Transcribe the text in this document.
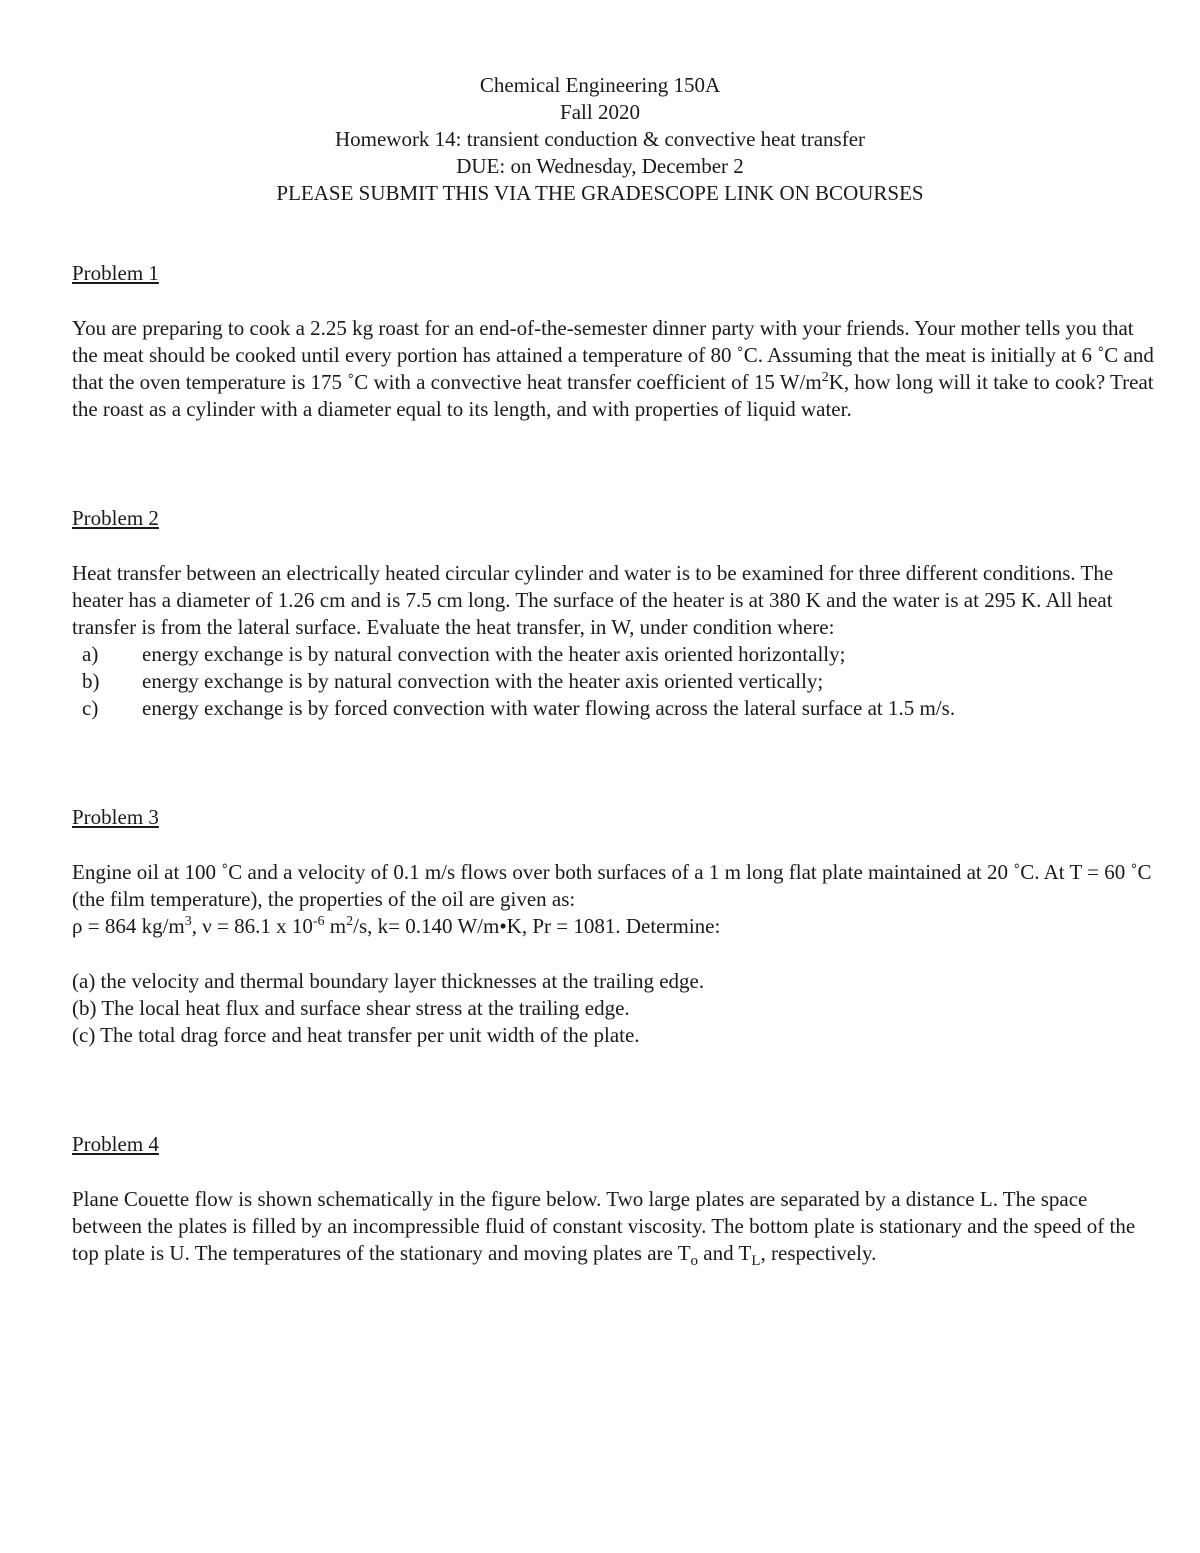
Chemical Engineering 150A
Fall 2020
Homework 14: transient conduction & convective heat transfer
DUE: on Wednesday, December 2
PLEASE SUBMIT THIS VIA THE GRADESCOPE LINK ON BCOURSES

Problem 1

You are preparing to cook a 2.25 kg roast for an end-of-the-semester dinner party with your friends. Your mother tells you that the meat should be cooked until every portion has attained a temperature of 80 ˚C. Assuming that the meat is initially at 6 ˚C and that the oven temperature is 175 ˚C with a convective heat transfer coefficient of 15 $W/m^2K$, how long will it take to cook? Treat the roast as a cylinder with a diameter equal to its length, and with properties of liquid water.

Problem 2

Heat transfer between an electrically heated circular cylinder and water is to be examined for three different conditions. The heater has a diameter of 1.26 cm and is 7.5 cm long. The surface of the heater is at 380 K and the water is at 295 K. All heat transfer is from the lateral surface. Evaluate the heat transfer, in W, under condition where:

a) energy exchange is by natural convection with the heater axis oriented horizontally;
b) energy exchange is by natural convection with the heater axis oriented vertically;
c) energy exchange is by forced convection with water flowing across the lateral surface at 1.5 m/s.

Problem 3

Engine oil at 100 ˚C and a velocity of 0.1 m/s flows over both surfaces of a 1 m long flat plate maintained at 20 ˚C. At T = 60 ˚C (the film temperature), the properties of the oil are given as:

ρ = 864 $kg/m^3$, ν = 86.1 x $10^{-6}$ $m^2/s$, k= 0.140 W/m•K, Pr = 1081. Determine:

(a) the velocity and thermal boundary layer thicknesses at the trailing edge.

(b) The local heat flux and surface shear stress at the trailing edge.

(c) The total drag force and heat transfer per unit width of the plate.

Problem 4

Plane Couette flow is shown schematically in the figure below. Two large plates are separated by a distance L. The space between the plates is filled by an incompressible fluid of constant viscosity. The bottom plate is stationary and the speed of the top plate is U. The temperatures of the stationary and moving plates are $T_o$ and $T_L$, respectively.
